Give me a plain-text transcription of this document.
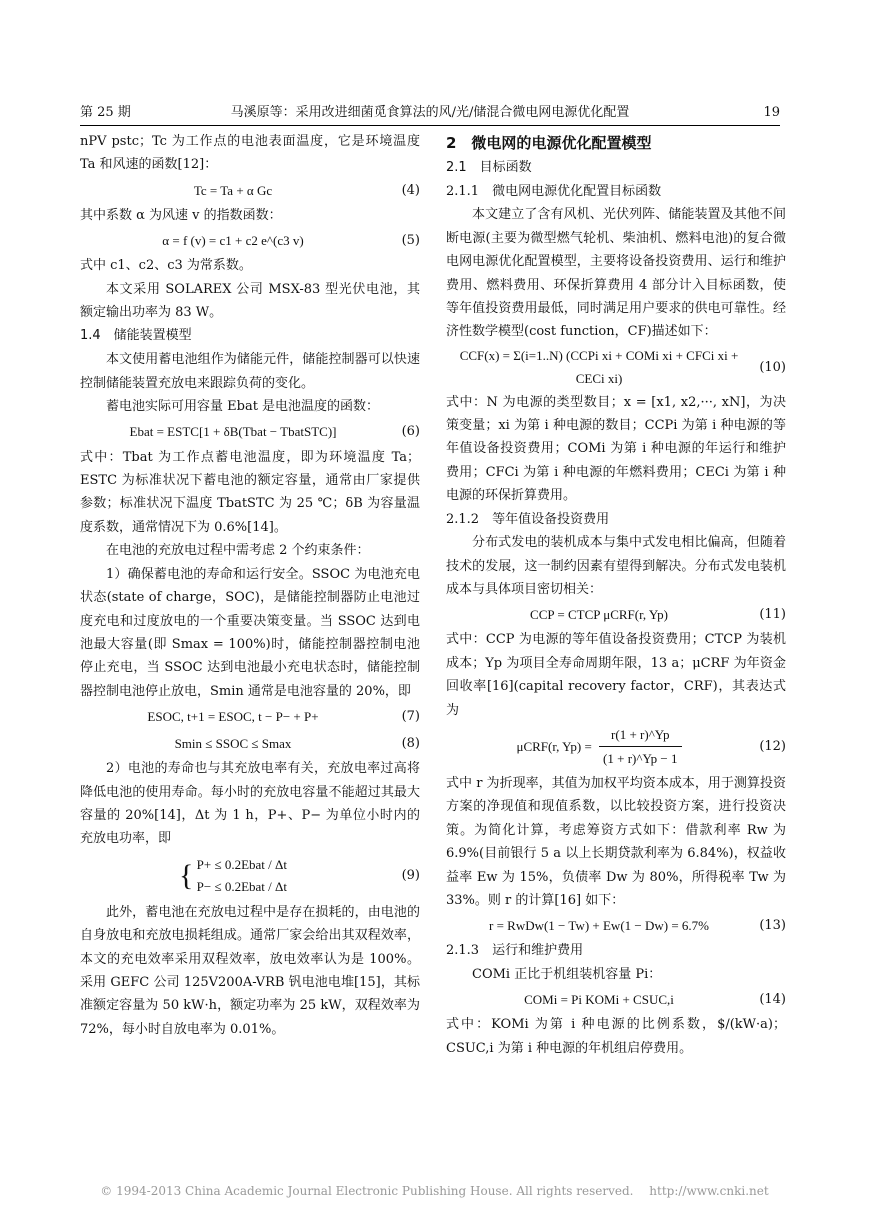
第 25 期	马溪原等：采用改进细菌觅食算法的风/光/储混合微电网电源优化配置	19

nPV pstc；Tc 为工作点的电池表面温度，它是环境温度 Ta 和风速的函数[12]：

Tc = Ta + α Gc	(4)

其中系数 α 为风速 v 的指数函数：

α = f (v) = c1 + c2 e^(c3 v)	(5)

式中 c1、c2、c3 为常系数。

本文采用 SOLAREX 公司 MSX-83 型光伏电池，其额定输出功率为 83 W。

1.4　储能装置模型

本文使用蓄电池组作为储能元件，储能控制器可以快速控制储能装置充放电来跟踪负荷的变化。

蓄电池实际可用容量 Ebat 是电池温度的函数：

Ebat = ESTC[1 + δB(Tbat − TbatSTC)]	(6)

式中：Tbat 为工作点蓄电池温度，即为环境温度 Ta；ESTC 为标准状况下蓄电池的额定容量，通常由厂家提供参数；标准状况下温度 TbatSTC 为 25 ℃；δB 为容量温度系数，通常情况下为 0.6%[14]。

在电池的充放电过程中需考虑 2 个约束条件：

1）确保蓄电池的寿命和运行安全。SSOC 为电池充电状态(state of charge，SOC)，是储能控制器防止电池过度充电和过度放电的一个重要决策变量。当 SSOC 达到电池最大容量(即 Smax = 100%)时，储能控制器控制电池停止充电，当 SSOC 达到电池最小充电状态时，储能控制器控制电池停止放电，Smin 通常是电池容量的 20%，即

ESOC, t+1 = ESOC, t − P− + P+	(7)
Smin ≤ SSOC ≤ Smax	(8)

2）电池的寿命也与其充放电率有关，充放电率过高将降低电池的使用寿命。每小时的充放电容量不能超过其最大容量的 20%[14]，Δt 为 1 h，P+、P− 为单位小时内的充放电功率，即

{ P+ ≤ 0.2Ebat / Δt
P− ≤ 0.2Ebat / Δt
(9)

此外，蓄电池在充放电过程中是存在损耗的，由电池的自身放电和充放电损耗组成。通常厂家会给出其双程效率，本文的充电效率采用双程效率，放电效率认为是 100%。采用 GEFC 公司 125V200A-VRB 钒电池电堆[15]，其标准额定容量为 50 kW·h，额定功率为 25 kW，双程效率为 72%，每小时自放电率为 0.01%。

2　微电网的电源优化配置模型

2.1　目标函数

2.1.1　微电网电源优化配置目标函数

本文建立了含有风机、光伏列阵、储能装置及其他不间断电源(主要为微型燃气轮机、柴油机、燃料电池)的复合微电网电源优化配置模型，主要将设备投资费用、运行和维护费用、燃料费用、环保折算费用 4 部分计入目标函数，使等年值投资费用最低，同时满足用户要求的供电可靠性。经济性数学模型(cost function，CF)描述如下：

CCF(x) = Σ(i=1..N) (CCPi xi + COMi xi + CFCi xi + CECi xi)
(10)

式中：N 为电源的类型数目；x = [x1, x2,···, xN]，为决策变量；xi 为第 i 种电源的数目；CCPi 为第 i 种电源的等年值设备投资费用；COMi 为第 i 种电源的年运行和维护费用；CFCi 为第 i 种电源的年燃料费用；CECi 为第 i 种电源的环保折算费用。

2.1.2　等年值设备投资费用

分布式发电的装机成本与集中式发电相比偏高，但随着技术的发展，这一制约因素有望得到解决。分布式发电装机成本与具体项目密切相关：

CCP = CTCP μCRF(r, Yp)	(11)

式中：CCP 为电源的等年值设备投资费用；CTCP 为装机成本；Yp 为项目全寿命周期年限，13 a；μCRF 为年资金回收率[16](capital recovery factor，CRF)，其表达式为

μCRF(r, $Yp) = \frac{r(1 + r)\^{}Yp}{(1 + r)\^{}Yp - 1}$	(12)

式中 r 为折现率，其值为加权平均资本成本，用于测算投资方案的净现值和现值系数，以比较投资方案，进行投资决策。为简化计算，考虑筹资方式如下：借款利率 Rw 为 6.9%(目前银行 5 a 以上长期贷款利率为 6.84%)，权益收益率 Ew 为 15%，负债率 Dw 为 80%，所得税率 Tw 为 33%。则 r 的计算[16] 如下：

r = RwDw(1 − Tw) + Ew(1 − Dw) = 6.7%	(13)

2.1.3　运行和维护费用

COMi 正比于机组装机容量 Pi：

COMi = Pi KOMi + CSUC,i	(14)

式中：KOMi 为第 i 种电源的比例系数，$/(kW·a)；CSUC,i 为第 i 种电源的年机组启停费用。

© 1994-2013 China Academic Journal Electronic Publishing House. All rights reserved.　 http://www.cnki.net
